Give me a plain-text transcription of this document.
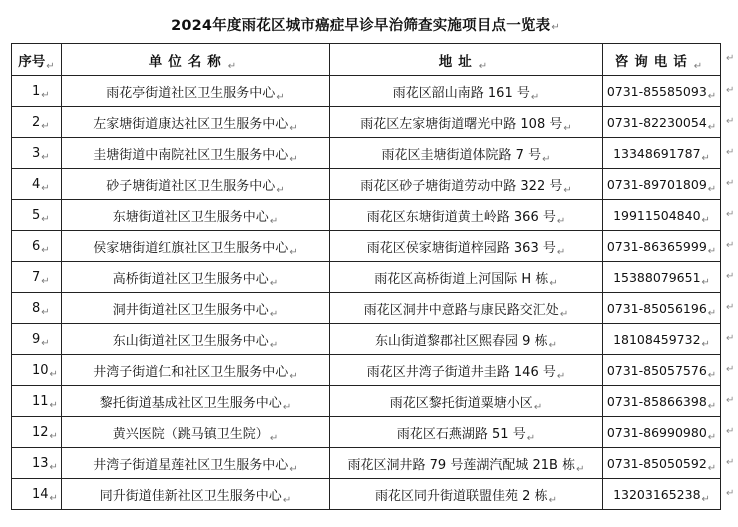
2024年度雨花区城市癌症早诊早治筛查实施项目点一览表 ↵
序号$_↵$	单位名称$_↵$	地址$_↵$	咨询电话$_↵$
$1_↵$	雨花亭街道社区卫生服务中心$_↵$	雨花区韶山南路 161 号$_↵$	$0731-85585093_↵$
$2_↵$	左家塘街道康达社区卫生服务中心$_↵$	雨花区左家塘街道曙光中路 108 号$_↵$	$0731-82230054_↵$
$3_↵$	圭塘街道中南院社区卫生服务中心$_↵$	雨花区圭塘街道体院路 7 号$_↵$	$13348691787_↵$
$4_↵$	砂子塘街道社区卫生服务中心$_↵$	雨花区砂子塘街道劳动中路 322 号$_↵$	$0731-89701809_↵$
$5_↵$	东塘街道社区卫生服务中心$_↵$	雨花区东塘街道黄土岭路 366 号$_↵$	$19911504840_↵$
$6_↵$	侯家塘街道红旗社区卫生服务中心$_↵$	雨花区侯家塘街道梓园路 363 号$_↵$	$0731-86365999_↵$
$7_↵$	高桥街道社区卫生服务中心$_↵$	雨花区高桥街道上河国际 H 栋$_↵$	$15388079651_↵$
$8_↵$	洞井街道社区卫生服务中心$_↵$	雨花区洞井中意路与康民路交汇处$_↵$	$0731-85056196_↵$
$9_↵$	东山街道社区卫生服务中心$_↵$	东山街道黎郡社区熙春园 9 栋$_↵$	$18108459732_↵$
$10_↵$	井湾子街道仁和社区卫生服务中心$_↵$	雨花区井湾子街道井圭路 146 号$_↵$	$0731-85057576_↵$
$11_↵$	黎托街道基成社区卫生服务中心$_↵$	雨花区黎托街道粟塘小区$_↵$	$0731-85866398_↵$
$12_↵$	黄兴医院（跳马镇卫生院）$_↵$	雨花区石燕湖路 51 号$_↵$	$0731-86990980_↵$
$13_↵$	井湾子街道星莲社区卫生服务中心$_↵$	雨花区洞井路 79 号莲湖汽配城 21B 栋$_↵$	$0731-85050592_↵$
$14_↵$	同升街道佳新社区卫生服务中心$_↵$	雨花区同升街道联盟佳苑 2 栋$_↵$	$13203165238_↵$
↵
↵
↵
↵
↵
↵
↵
↵
↵
↵
↵
↵
↵
↵
↵
